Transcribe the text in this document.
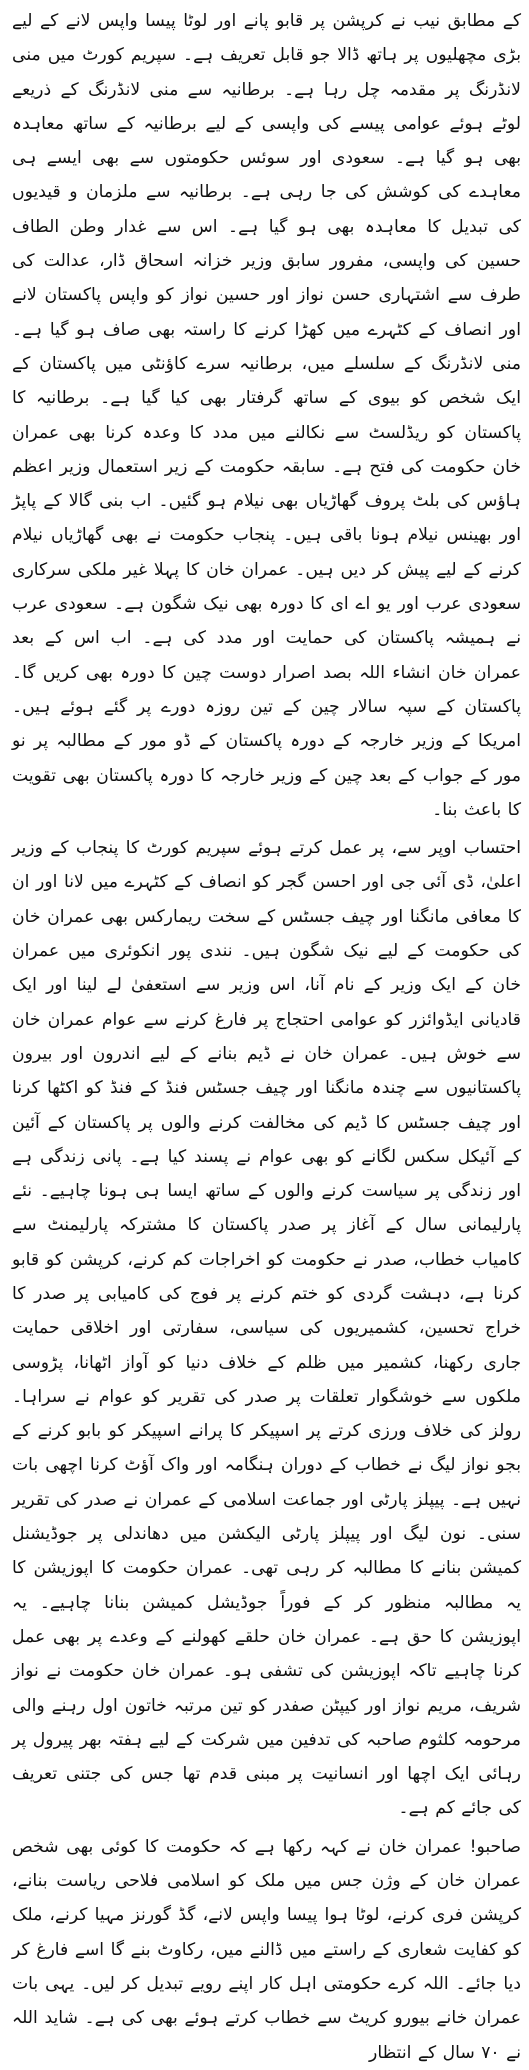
کے مطابق نیب نے کرپشن پر قابو پانے اور لوٹا پیسا واپس لانے کے لیے بڑی مچھلیوں پر ہاتھ ڈالا جو قابل تعریف ہے۔ سپریم کورٹ میں منی لانڈرنگ پر مقدمہ چل رہا ہے۔ برطانیہ سے منی لانڈرنگ کے ذریعے لوٹے ہوئے عوامی پیسے کی واپسی کے لیے برطانیہ کے ساتھ معاہدہ بھی ہو گیا ہے۔ سعودی اور سوئس حکومتوں سے بھی ایسے ہی معاہدے کی کوشش کی جا رہی ہے۔ برطانیہ سے ملزمان و قیدیوں کی تبدیل کا معاہدہ بھی ہو گیا ہے۔ اس سے غدار وطن الطاف حسین کی واپسی، مفرور سابق وزیر خزانہ اسحاق ڈار، عدالت کی طرف سے اشتہاری حسن نواز اور حسین نواز کو واپس پاکستان لانے اور انصاف کے کٹہرے میں کھڑا کرنے کا راستہ بھی صاف ہو گیا ہے۔ منی لانڈرنگ کے سلسلے میں، برطانیہ سرے کاؤنٹی میں پاکستان کے ایک شخص کو بیوی کے ساتھ گرفتار بھی کیا گیا ہے۔ برطانیہ کا پاکستان کو ریڈلسٹ سے نکالنے میں مدد کا وعدہ کرنا بھی عمران خان حکومت کی فتح ہے۔ سابقہ حکومت کے زیر استعمال وزیر اعظم ہاؤس کی بلٹ پروف گھاڑیاں بھی نیلام ہو گئیں۔ اب بنی گالا کے پاپڑ اور بھینس نیلام ہونا باقی ہیں۔ پنجاب حکومت نے بھی گھاڑیاں نیلام کرنے کے لیے پیش کر دیں ہیں۔ عمران خان کا پہلا غیر ملکی سرکاری سعودی عرب اور یو اے ای کا دورہ بھی نیک شگون ہے۔ سعودی عرب نے ہمیشہ پاکستان کی حمایت اور مدد کی ہے۔ اب اس کے بعد عمران خان انشاء اللہ بصد اصرار دوست چین کا دورہ بھی کریں گا۔ پاکستان کے سپہ سالار چین کے تین روزہ دورے پر گئے ہوئے ہیں۔ امریکا کے وزیر خارجہ کے دورہ پاکستان کے ڈو مور کے مطالبہ پر نو مور کے جواب کے بعد چین کے وزیر خارجہ کا دورہ پاکستان بھی تقویت کا باعث بنا۔

احتساب اوپر سے، پر عمل کرتے ہوئے سپریم کورٹ کا پنجاب کے وزیر اعلیٰ، ڈی آئی جی اور احسن گجر کو انصاف کے کٹہرے میں لانا اور ان کا معافی مانگنا اور چیف جسٹس کے سخت ریمارکس بھی عمران خان کی حکومت کے لیے نیک شگون ہیں۔ نندی پور انکوئری میں عمران خان کے ایک وزیر کے نام آنا، اس وزیر سے استعفیٰ لے لینا اور ایک قادیانی ایڈوائزر کو عوامی احتجاج پر فارغ کرنے سے عوام عمران خان سے خوش ہیں۔ عمران خان نے ڈیم بنانے کے لیے اندرون اور بیرون پاکستانیوں سے چندہ مانگنا اور چیف جسٹس فنڈ کے فنڈ کو اکٹھا کرنا اور چیف جسٹس کا ڈیم کی مخالفت کرنے والوں پر پاکستان کے آئین کے آئیکل سکس لگانے کو بھی عوام نے پسند کیا ہے۔ پانی زندگی ہے اور زندگی پر سیاست کرنے والوں کے ساتھ ایسا ہی ہونا چاہیے۔ نئے پارلیمانی سال کے آغاز پر صدر پاکستان کا مشترکہ پارلیمنٹ سے کامیاب خطاب، صدر نے حکومت کو اخراجات کم کرنے، کرپشن کو قابو کرنا ہے، دہشت گردی کو ختم کرنے پر فوج کی کامیابی پر صدر کا خراج تحسین، کشمیریوں کی سیاسی، سفارتی اور اخلاقی حمایت جاری رکھنا، کشمیر میں ظلم کے خلاف دنیا کو آواز اٹھانا، پڑوسی ملکوں سے خوشگوار تعلقات پر صدر کی تقریر کو عوام نے سراہا۔ رولز کی خلاف ورزی کرتے پر اسپیکر کا پرانے اسپیکر کو بابو کرنے کے بجو نواز لیگ نے خطاب کے دوران ہنگامہ اور واک آؤٹ کرنا اچھی بات نہیں ہے۔ پیپلز پارٹی اور جماعت اسلامی کے عمران نے صدر کی تقریر سنی۔ نون لیگ اور پیپلز پارٹی الیکشن میں دھاندلی پر جوڈیشنل کمیشن بنانے کا مطالبہ کر رہی تھی۔ عمران حکومت کا اپوزیشن کا یہ مطالبہ منظور کر کے فوراً جوڈیشل کمیشن بنانا چاہیے۔ یہ اپوزیشن کا حق ہے۔ عمران خان حلقے کھولنے کے وعدے پر بھی عمل کرنا چاہیے تاکہ اپوزیشن کی تشفی ہو۔ عمران خان حکومت نے نواز شریف، مریم نواز اور کیپٹن صفدر کو تین مرتبہ خاتون اول رہنے والی مرحومہ کلثوم صاحبہ کی تدفین میں شرکت کے لیے ہفتہ بھر پیرول پر رہائی ایک اچھا اور انسانیت پر مبنی قدم تھا جس کی جتنی تعریف کی جائے کم ہے۔

صاحبو! عمران خان نے کہہ رکھا ہے کہ حکومت کا کوئی بھی شخص عمران خان کے وژن جس میں ملک کو اسلامی فلاحی ریاست بنانے، کرپشن فری کرنے، لوٹا ہوا پیسا واپس لانے، گڈ گورنز مہیا کرنے، ملک کو کفایت شعاری کے راستے میں ڈالنے میں، رکاوٹ بنے گا اسے فارغ کر دیا جائے۔ اللہ کرے حکومتی اہل کار اپنے رویے تبدیل کر لیں۔ یہی بات عمران خانے بیورو کریٹ سے خطاب کرتے ہوئے بھی کی ہے۔ شاید اللہ نے ۷۰ سال کے انتظار
